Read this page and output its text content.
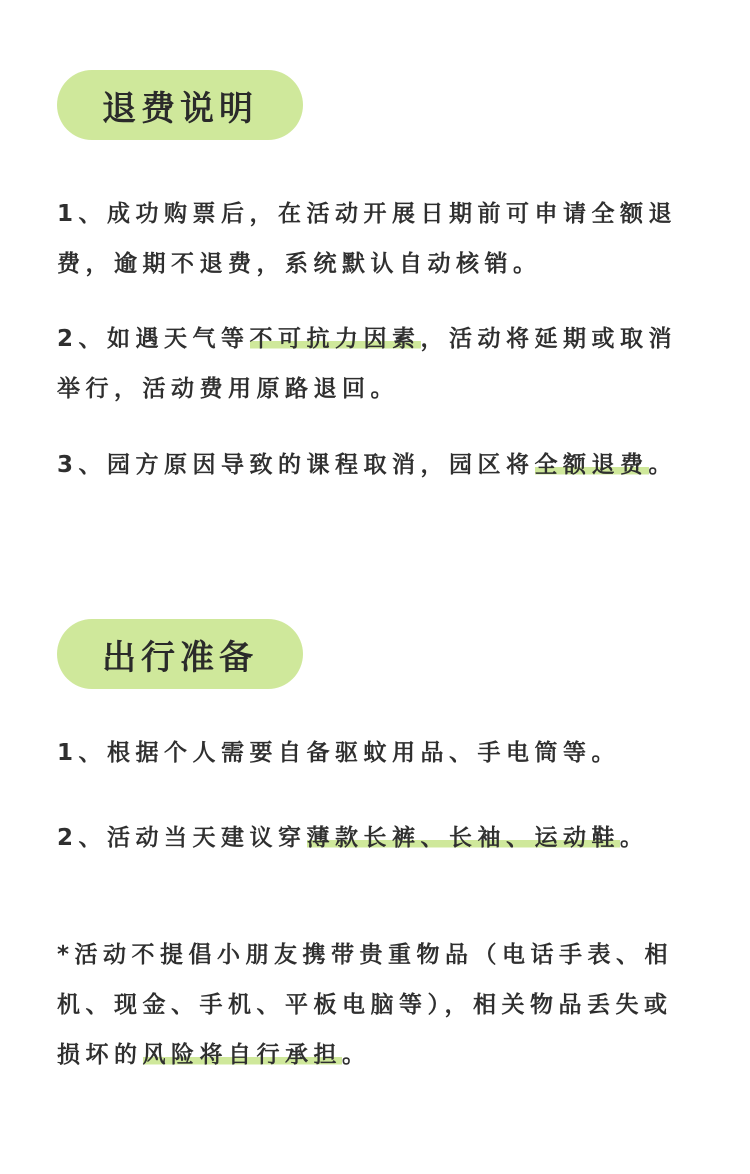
退费说明

1、成功购票后，在活动开展日期前可申请全额退费，逾期不退费，系统默认自动核销。

2、如遇天气等不可抗力因素，活动将延期或取消举行，活动费用原路退回。

3、园方原因导致的课程取消，园区将全额退费。

出行准备

1、根据个人需要自备驱蚊用品、手电筒等。

2、活动当天建议穿薄款长裤、长袖、运动鞋。

*活动不提倡小朋友携带贵重物品（电话手表、相机、现金、手机、平板电脑等），相关物品丢失或损坏的风险将自行承担。
